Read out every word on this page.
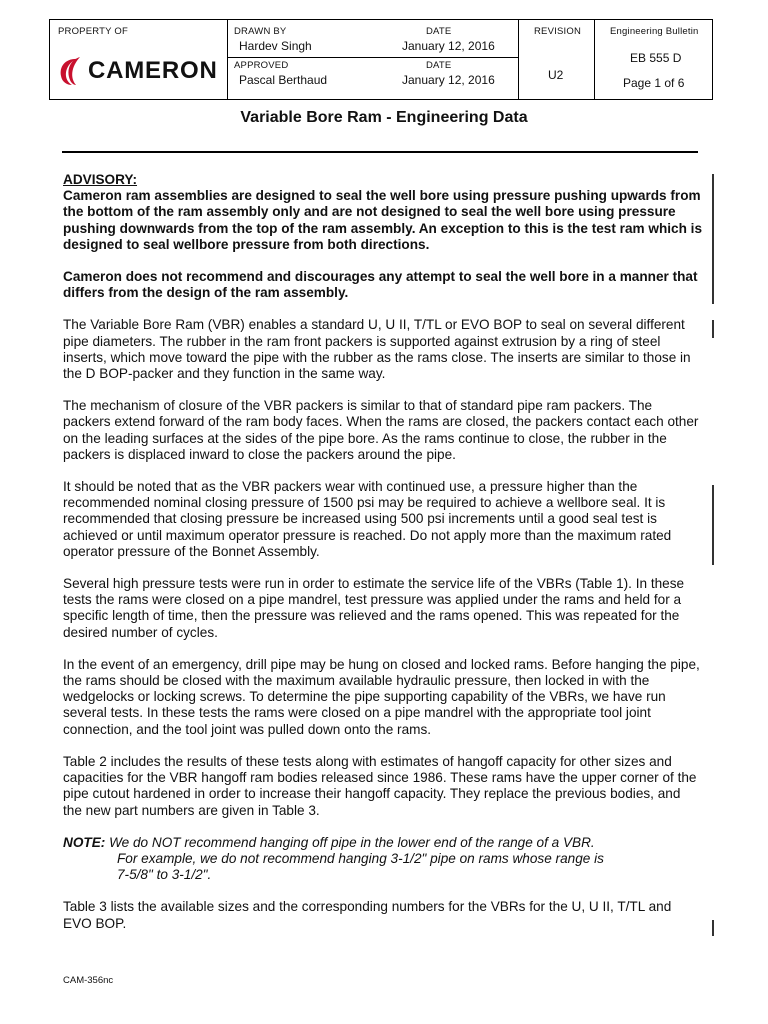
PROPERTY OF
CAMERON
DRAWN BY	DATE
Hardev Singh	January 12, 2016
APPROVED	DATE
Pascal Berthaud	January 12, 2016
REVISION
U2
Engineering Bulletin
EB 555 D
Page 1 of 6
Variable Bore Ram - Engineering Data

ADVISORY:

Cameron ram assemblies are designed to seal the well bore using pressure pushing upwards from the bottom of the ram assembly only and are not designed to seal the well bore using pressure pushing downwards from the top of the ram assembly. An exception to this is the test ram which is designed to seal wellbore pressure from both directions.

Cameron does not recommend and discourages any attempt to seal the well bore in a manner that differs from the design of the ram assembly.

The Variable Bore Ram (VBR) enables a standard U, U II, T/TL or EVO BOP to seal on several different pipe diameters. The rubber in the ram front packers is supported against extrusion by a ring of steel inserts, which move toward the pipe with the rubber as the rams close. The inserts are similar to those in the D BOP-packer and they function in the same way.

The mechanism of closure of the VBR packers is similar to that of standard pipe ram packers. The packers extend forward of the ram body faces. When the rams are closed, the packers contact each other on the leading surfaces at the sides of the pipe bore. As the rams continue to close, the rubber in the packers is displaced inward to close the packers around the pipe.

It should be noted that as the VBR packers wear with continued use, a pressure higher than the recommended nominal closing pressure of 1500 psi may be required to achieve a wellbore seal. It is recommended that closing pressure be increased using 500 psi increments until a good seal test is achieved or until maximum operator pressure is reached. Do not apply more than the maximum rated operator pressure of the Bonnet Assembly.

Several high pressure tests were run in order to estimate the service life of the VBRs (Table 1). In these tests the rams were closed on a pipe mandrel, test pressure was applied under the rams and held for a specific length of time, then the pressure was relieved and the rams opened. This was repeated for the desired number of cycles.

In the event of an emergency, drill pipe may be hung on closed and locked rams. Before hanging the pipe, the rams should be closed with the maximum available hydraulic pressure, then locked in with the wedgelocks or locking screws. To determine the pipe supporting capability of the VBRs, we have run several tests. In these tests the rams were closed on a pipe mandrel with the appropriate tool joint connection, and the tool joint was pulled down onto the rams.

Table 2 includes the results of these tests along with estimates of hangoff capacity for other sizes and capacities for the VBR hangoff ram bodies released since 1986. These rams have the upper corner of the pipe cutout hardened in order to increase their hangoff capacity. They replace the previous bodies, and the new part numbers are given in Table 3.

NOTE: We do NOT recommend hanging off pipe in the lower end of the range of a VBR.

For example, we do not recommend hanging 3-1/2" pipe on rams whose range is

7-5/8" to 3-1/2".

Table 3 lists the available sizes and the corresponding numbers for the VBRs for the U, U II, T/TL and EVO BOP.

CAM-356nc
